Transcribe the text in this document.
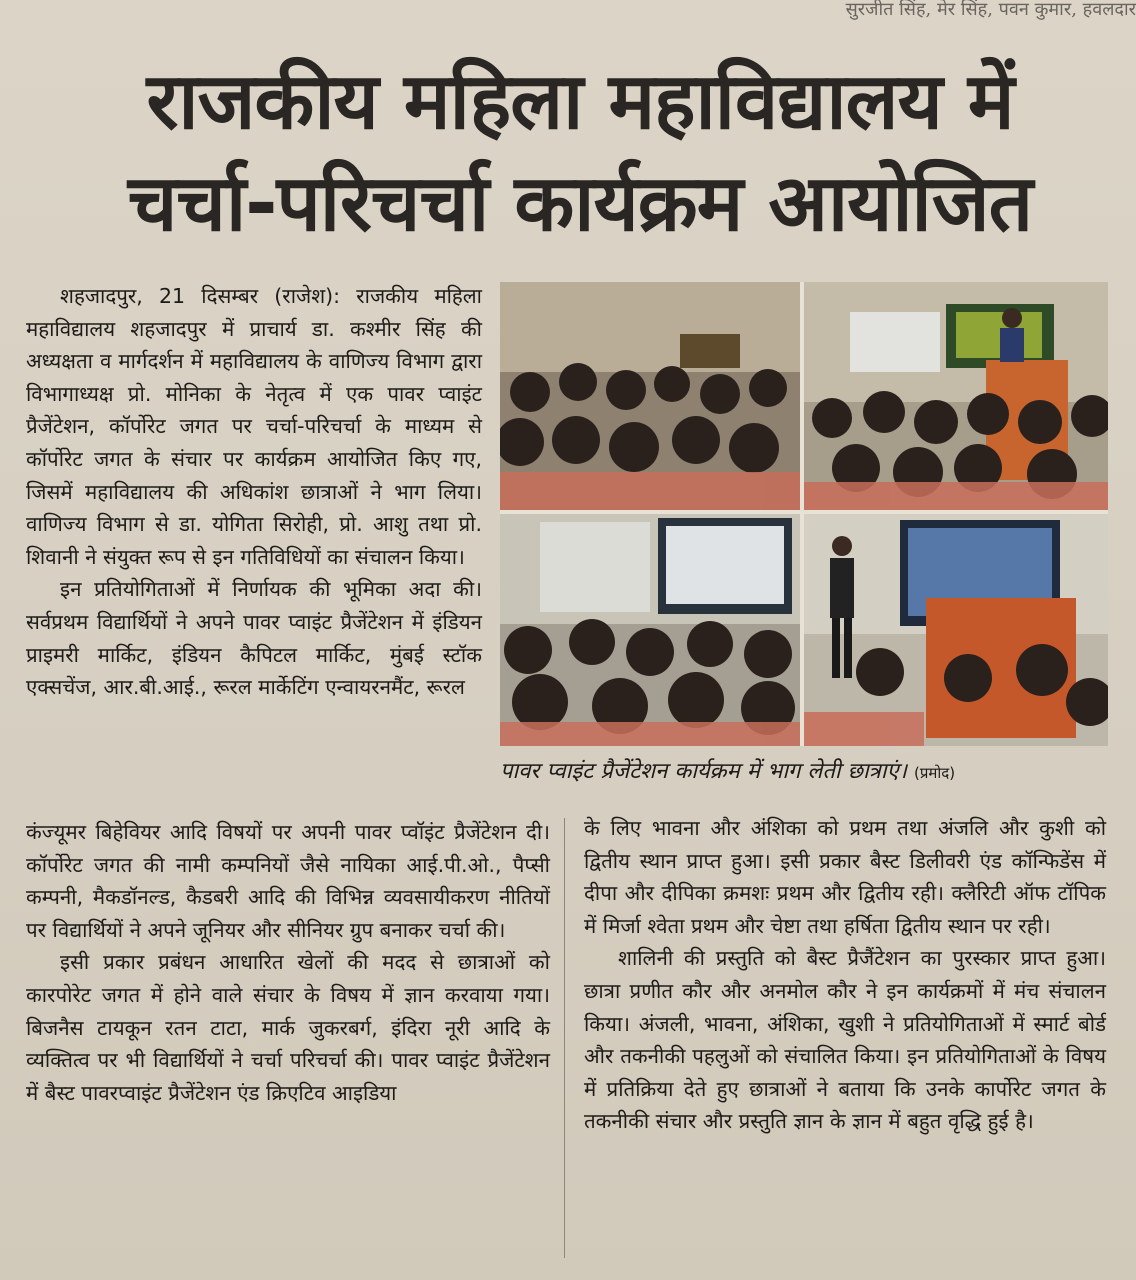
सुरजीत सिंह, मेर सिंह, पवन कुमार, हवलदार
राजकीय महिला महाविद्यालय में
चर्चा-परिचर्चा कार्यक्रम आयोजित

शहजादपुर, 21 दिसम्बर (राजेश): राजकीय महिला महाविद्यालय शहजादपुर में प्राचार्य डा. कश्मीर सिंह की अध्यक्षता व मार्गदर्शन में महाविद्यालय के वाणिज्य विभाग द्वारा विभागाध्यक्ष प्रो. मोनिका के नेतृत्व में एक पावर प्वाइंट प्रैजेंटेशन, कॉर्पोरेट जगत पर चर्चा-परिचर्चा के माध्यम से कॉर्पोरेट जगत के संचार पर कार्यक्रम आयोजित किए गए, जिसमें महाविद्यालय की अधिकांश छात्राओं ने भाग लिया। वाणिज्य विभाग से डा. योगिता सिरोही, प्रो. आशु तथा प्रो. शिवानी ने संयुक्त रूप से इन गतिविधियों का संचालन किया।

इन प्रतियोगिताओं में निर्णायक की भूमिका अदा की। सर्वप्रथम विद्यार्थियों ने अपने पावर प्वाइंट प्रैजेंटेशन में इंडियन प्राइमरी मार्किट, इंडियन कैपिटल मार्किट, मुंबई स्टॉक एक्सचेंज, आर.बी.आई., रूरल मार्केटिंग एन्वायरनमैंट, रूरल

कंज्यूमर बिहेवियर आदि विषयों पर अपनी पावर प्वॉइंट प्रैजेंटेशन दी। कॉर्पोरेट जगत की नामी कम्पनियों जैसे नायिका आई.पी.ओ., पैप्सी कम्पनी, मैकडॉनल्ड, कैडबरी आदि की विभिन्न व्यवसायीकरण नीतियों पर विद्यार्थियों ने अपने जूनियर और सीनियर ग्रुप बनाकर चर्चा की।

इसी प्रकार प्रबंधन आधारित खेलों की मदद से छात्राओं को कारपोरेट जगत में होने वाले संचार के विषय में ज्ञान करवाया गया। बिजनैस टायकून रतन टाटा, मार्क जुकरबर्ग, इंदिरा नूरी आदि के व्यक्तित्व पर भी विद्यार्थियों ने चर्चा परिचर्चा की। पावर प्वाइंट प्रैजेंटेशन में बैस्ट पावरप्वाइंट प्रैजेंटेशन एंड क्रिएटिव आइडिया

के लिए भावना और अंशिका को प्रथम तथा अंजलि और कुशी को द्वितीय स्थान प्राप्त हुआ। इसी प्रकार बैस्ट डिलीवरी एंड कॉन्फिडेंस में दीपा और दीपिका क्रमशः प्रथम और द्वितीय रही। क्लैरिटी ऑफ टॉपिक में मिर्जा श्वेता प्रथम और चेष्टा तथा हर्षिता द्वितीय स्थान पर रही।

शालिनी की प्रस्तुति को बैस्ट प्रैजैंटेशन का पुरस्कार प्राप्त हुआ। छात्रा प्रणीत कौर और अनमोल कौर ने इन कार्यक्रमों में मंच संचालन किया। अंजली, भावना, अंशिका, खुशी ने प्रतियोगिताओं में स्मार्ट बोर्ड और तकनीकी पहलुओं को संचालित किया। इन प्रतियोगिताओं के विषय में प्रतिक्रिया देते हुए छात्राओं ने बताया कि उनके कार्पोरेट जगत के तकनीकी संचार और प्रस्तुति ज्ञान के ज्ञान में बहुत वृद्धि हुई है।

पावर प्वाइंट प्रैजेंटेशन कार्यक्रम में भाग लेती छात्राएं। (प्रमोद)
